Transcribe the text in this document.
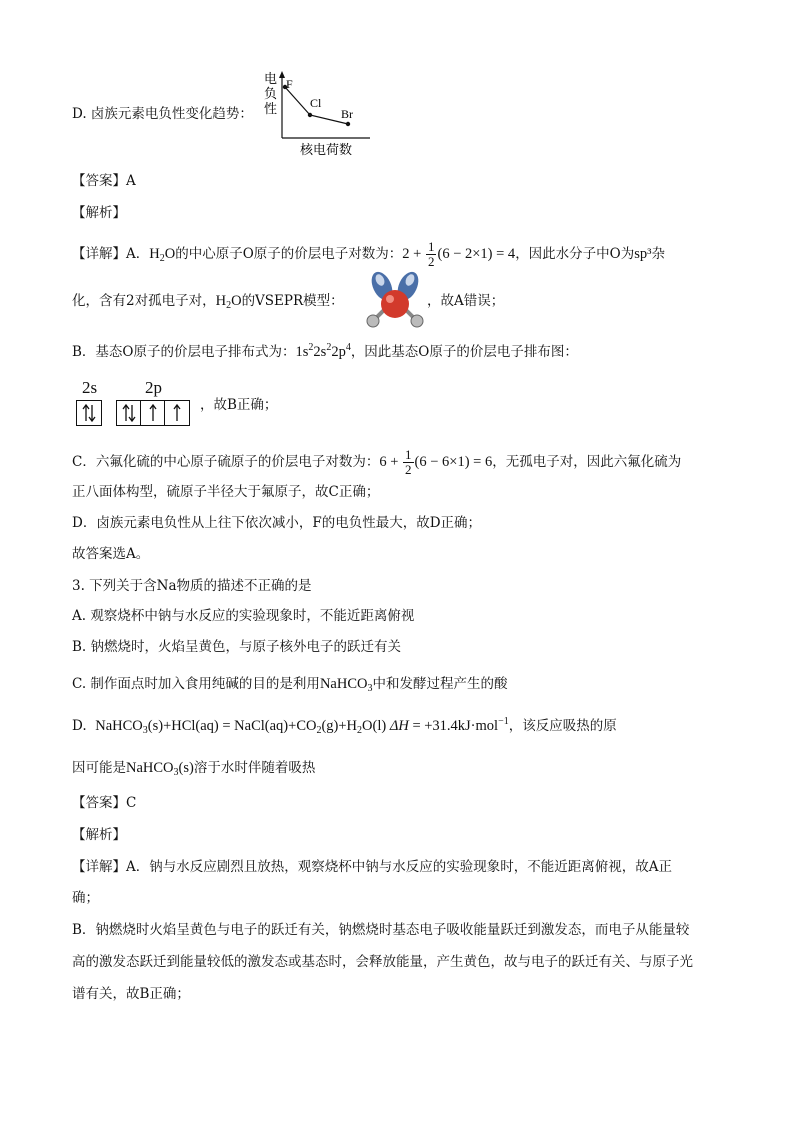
D. 卤族元素电负性变化趋势：
电
负
性
F
Cl
Br
核电荷数
【答案】A
【解析】
【详解】A．$H_2O$的中心原子O原子的价层电子对数为：$2 + \frac{1}{2} (6 - 2\times 1) = 4$，因此水分子中O为sp³杂
化，含有2对孤电子对，$H_2O$的VSEPR模型：	，故A错误；
B．基态O原子的价层电子排布式为：$1s^22s^22p^4$，因此基态O原子的价层电子排布图：
2s	2p
，故B正确；
C．六氟化硫的中心原子硫原子的价层电子对数为：$6 + \frac{1}{2} (6 - 6\times 1) = 6$，无孤电子对，因此六氟化硫为
正八面体构型，硫原子半径大于氟原子，故C正确；
D．卤族元素电负性从上往下依次减小，F的电负性最大，故D正确；
故答案选A。
3. 下列关于含Na物质的描述不正确的是
A. 观察烧杯中钠与水反应的实验现象时，不能近距离俯视
B. 钠燃烧时，火焰呈黄色，与原子核外电子的跃迁有关
C. 制作面点时加入食用纯碱的目的是利用NaHCO$_3$中和发酵过程产生的酸
D. NaHCO$_3$(s)+HCl(aq) = $NaCl(aq)+CO_2(g)+H_2O(l) \Delta H = +31.4kJ\cdot mol^{-1}$，该反应吸热的原
因可能是NaHCO$_3$(s)溶于水时伴随着吸热
【答案】C
【解析】
【详解】A．钠与水反应剧烈且放热，观察烧杯中钠与水反应的实验现象时，不能近距离俯视，故A正
确；
B．钠燃烧时火焰呈黄色与电子的跃迁有关，钠燃烧时基态电子吸收能量跃迁到激发态，而电子从能量较
高的激发态跃迁到能量较低的激发态或基态时，会释放能量，产生黄色，故与电子的跃迁有关、与原子光
谱有关，故B正确；
